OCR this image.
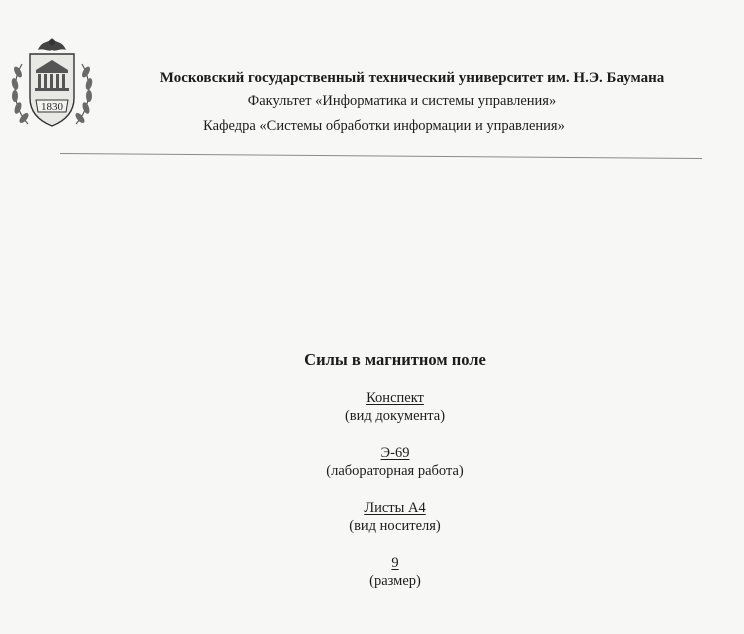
1830
Московский государственный технический университет им. Н.Э. Баумана
Факультет «Информатика и системы управления»
Кафедра «Системы обработки информации и управления»
Силы в магнитном поле
Конспект
(вид документа)
Э-69
(лабораторная работа)
Листы А4
(вид носителя)
9
(размер)
